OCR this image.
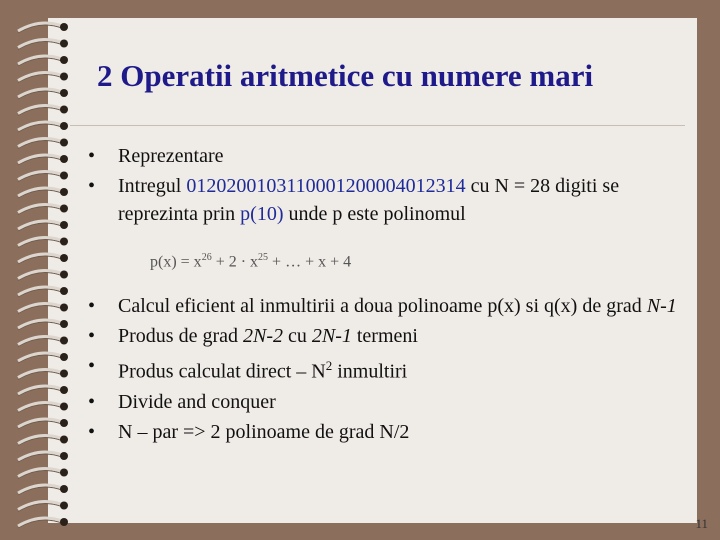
2 Operatii aritmetice cu numere mari
• Reprezentare
• Intregul 0120200103110001200004012314 cu N = 28 digiti se reprezinta prin p(10) unde p este polinomul
$p(x) = x^{26} + 2 \cdot x^{25}$ + … + x + 4
• Calcul eficient al inmultirii a doua polinoame p(x) si q(x) de grad N-1
• Produs de grad 2N-2 cu 2N-1 termeni
• Produs calculat direct – $N^2$ inmultiri
• Divide and conquer
• N – par => 2 polinoame de grad N/2
11
